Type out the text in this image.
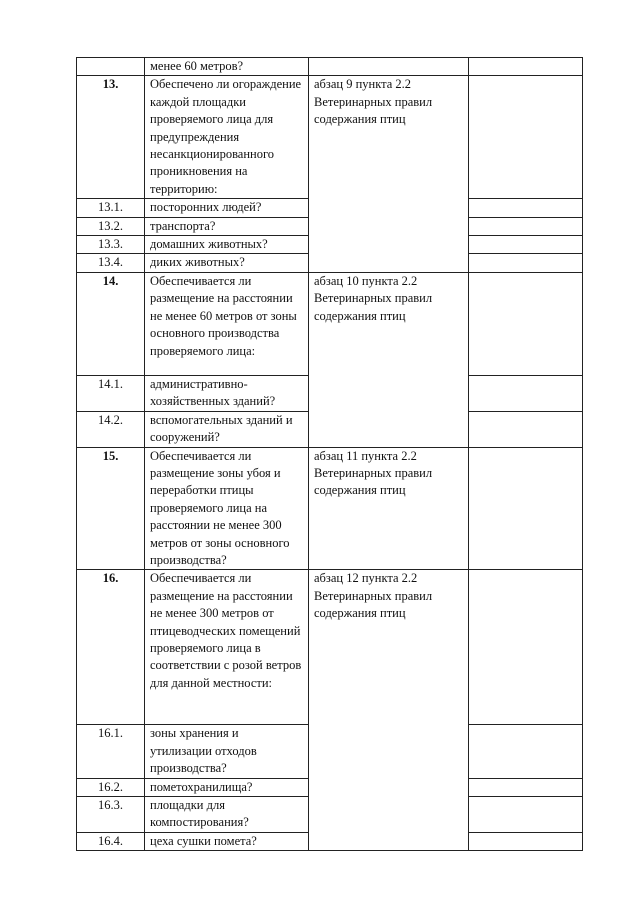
	менее 60 метров?		
13.	Обеспечено ли огораждение каждой площадки проверяемого лица для предупреждения несанкционированного проникновения на территорию:	абзац 9 пункта 2.2 Ветеринарных правил содержания птиц	
13.1.	посторонних людей?		
13.2.	транспорта?		
13.3.	домашних животных?		
13.4.	диких животных?		
14.	Обеспечивается ли размещение на расстоянии не менее 60 метров от зоны основного производства проверяемого лица:	абзац 10 пункта 2.2 Ветеринарных правил содержания птиц	
14.1.	административно-хозяйственных зданий?		
14.2.	вспомогательных зданий и сооружений?		
15.	Обеспечивается ли размещение зоны убоя и переработки птицы проверяемого лица на расстоянии не менее 300 метров от зоны основного производства?	абзац 11 пункта 2.2 Ветеринарных правил содержания птиц	
16.	Обеспечивается ли размещение на расстоянии не менее 300 метров от птицеводческих помещений проверяемого лица в соответствии с розой ветров для данной местности:	абзац 12 пункта 2.2 Ветеринарных правил содержания птиц	
16.1.	зоны хранения и утилизации отходов производства?		
16.2.	пометохранилища?		
16.3.	площадки для компостирования?		
16.4.	цеха сушки помета?		
